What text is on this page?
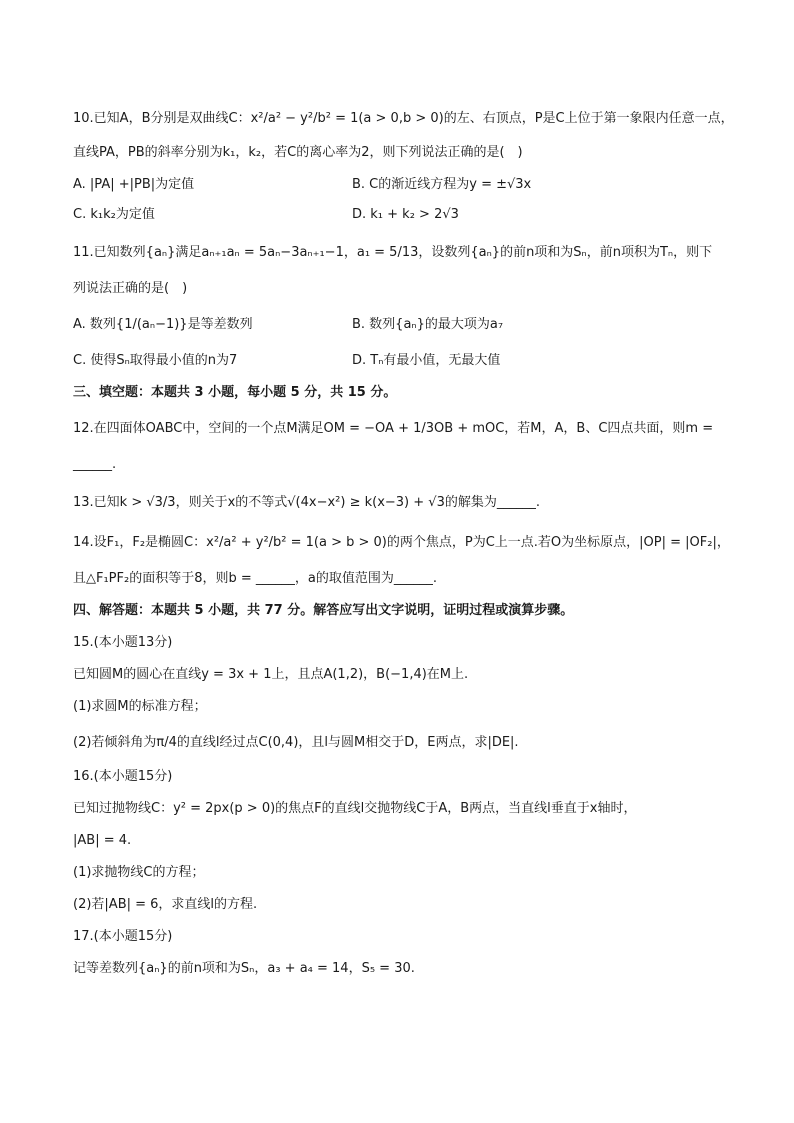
10.已知A，B分别是双曲线C：x²/a² − y²/b² = 1(a > 0,b > 0)的左、右顶点，P是C上位于第一象限内任意一点，
直线PA，PB的斜率分别为k₁，k₂，若C的离心率为2，则下列说法正确的是(　)
A. |PA| +|PB|为定值	B. C的渐近线方程为y = ±√3x
C. k₁k₂为定值	D. k₁ + k₂ > 2√3
11.已知数列{aₙ}满足aₙ₊₁aₙ = 5aₙ−3aₙ₊₁−1，a₁ = 5/13，设数列{aₙ}的前n项和为Sₙ，前n项积为Tₙ，则下
列说法正确的是(　)
A. 数列{1/(aₙ−1)}是等差数列	B. 数列{aₙ}的最大项为a₇
C. 使得Sₙ取得最小值的n为7	D. Tₙ有最小值，无最大值
三、填空题：本题共 3 小题，每小题 5 分，共 15 分。
12.在四面体OABC中，空间的一个点M满足OM = −OA + 1/3OB + mOC，若M，A，B、C四点共面，则m =
______.
13.已知k > √3/3，则关于x的不等式√(4x−x²) ≥ k(x−3) + √3的解集为______.
14.设F₁，F₂是椭圆C：x²/a² + y²/b² = 1(a > b > 0)的两个焦点，P为C上一点.若O为坐标原点，|OP| = |OF₂|，
且△F₁PF₂的面积等于8，则b = ______，a的取值范围为______.
四、解答题：本题共 5 小题，共 77 分。解答应写出文字说明，证明过程或演算步骤。
15.(本小题13分)
已知圆M的圆心在直线y = 3x + 1上，且点A(1,2)，B(−1,4)在M上.
(1)求圆M的标准方程；
(2)若倾斜角为π/4的直线l经过点C(0,4)，且l与圆M相交于D，E两点，求|DE|.
16.(本小题15分)
已知过抛物线C：y² = 2px(p > 0)的焦点F的直线l交抛物线C于A，B两点，当直线l垂直于x轴时，
|AB| = 4.
(1)求抛物线C的方程；
(2)若|AB| = 6，求直线l的方程.
17.(本小题15分)
记等差数列{aₙ}的前n项和为Sₙ，a₃ + a₄ = 14，S₅ = 30.
